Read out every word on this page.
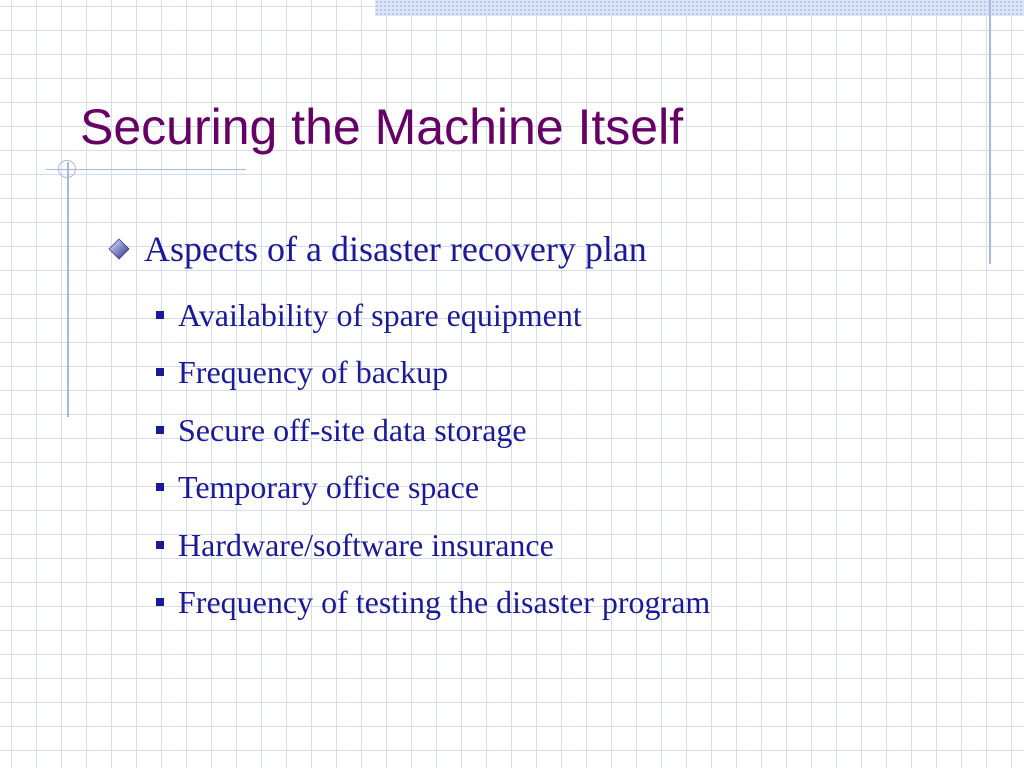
Securing the Machine Itself
Aspects of a disaster recovery plan
Availability of spare equipment
Frequency of backup
Secure off-site data storage
Temporary office space
Hardware/software insurance
Frequency of testing the disaster program
